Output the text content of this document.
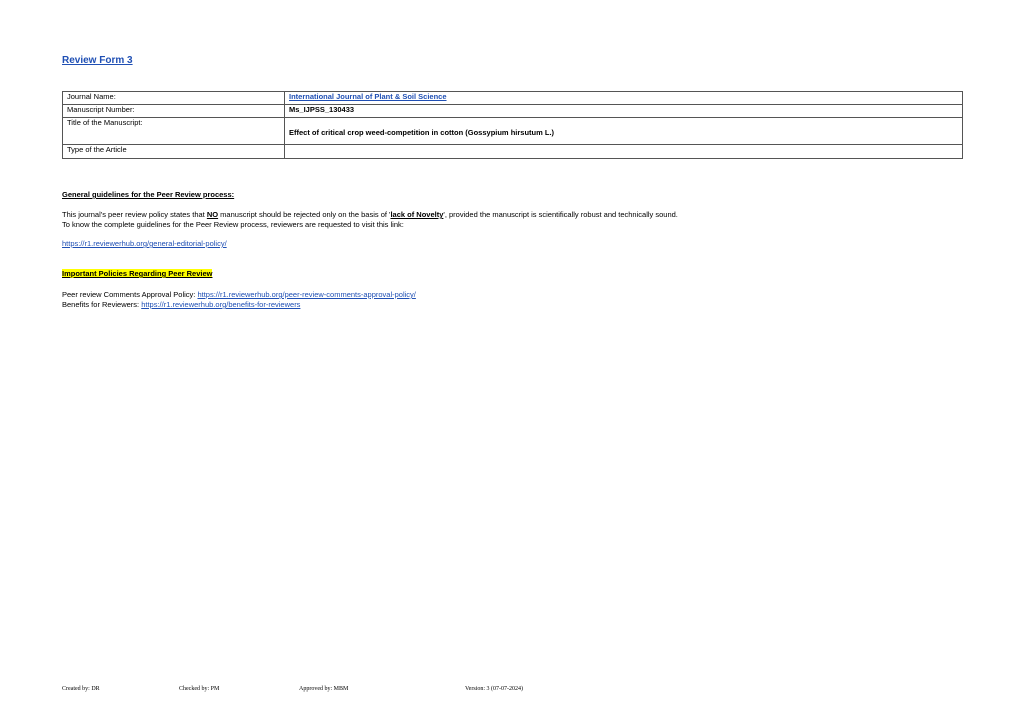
Review Form 3
Journal Name:	International Journal of Plant & Soil Science
Manuscript Number:	Ms_IJPSS_130433
Title of the Manuscript:	Effect of critical crop weed-competition in cotton (Gossypium hirsutum L.)

Type of the Article	
General guidelines for the Peer Review process:
This journal's peer review policy states that NO manuscript should be rejected only on the basis of 'lack of Novelty', provided the manuscript is scientifically robust and technically sound.
To know the complete guidelines for the Peer Review process, reviewers are requested to visit this link:
https://r1.reviewerhub.org/general-editorial-policy/
Important Policies Regarding Peer Review
Peer review Comments Approval Policy: https://r1.reviewerhub.org/peer-review-comments-approval-policy/
Benefits for Reviewers: https://r1.reviewerhub.org/benefits-for-reviewers
Created by: DR	Checked by: PM	Approved by: MBM	Version: 3 (07-07-2024)
